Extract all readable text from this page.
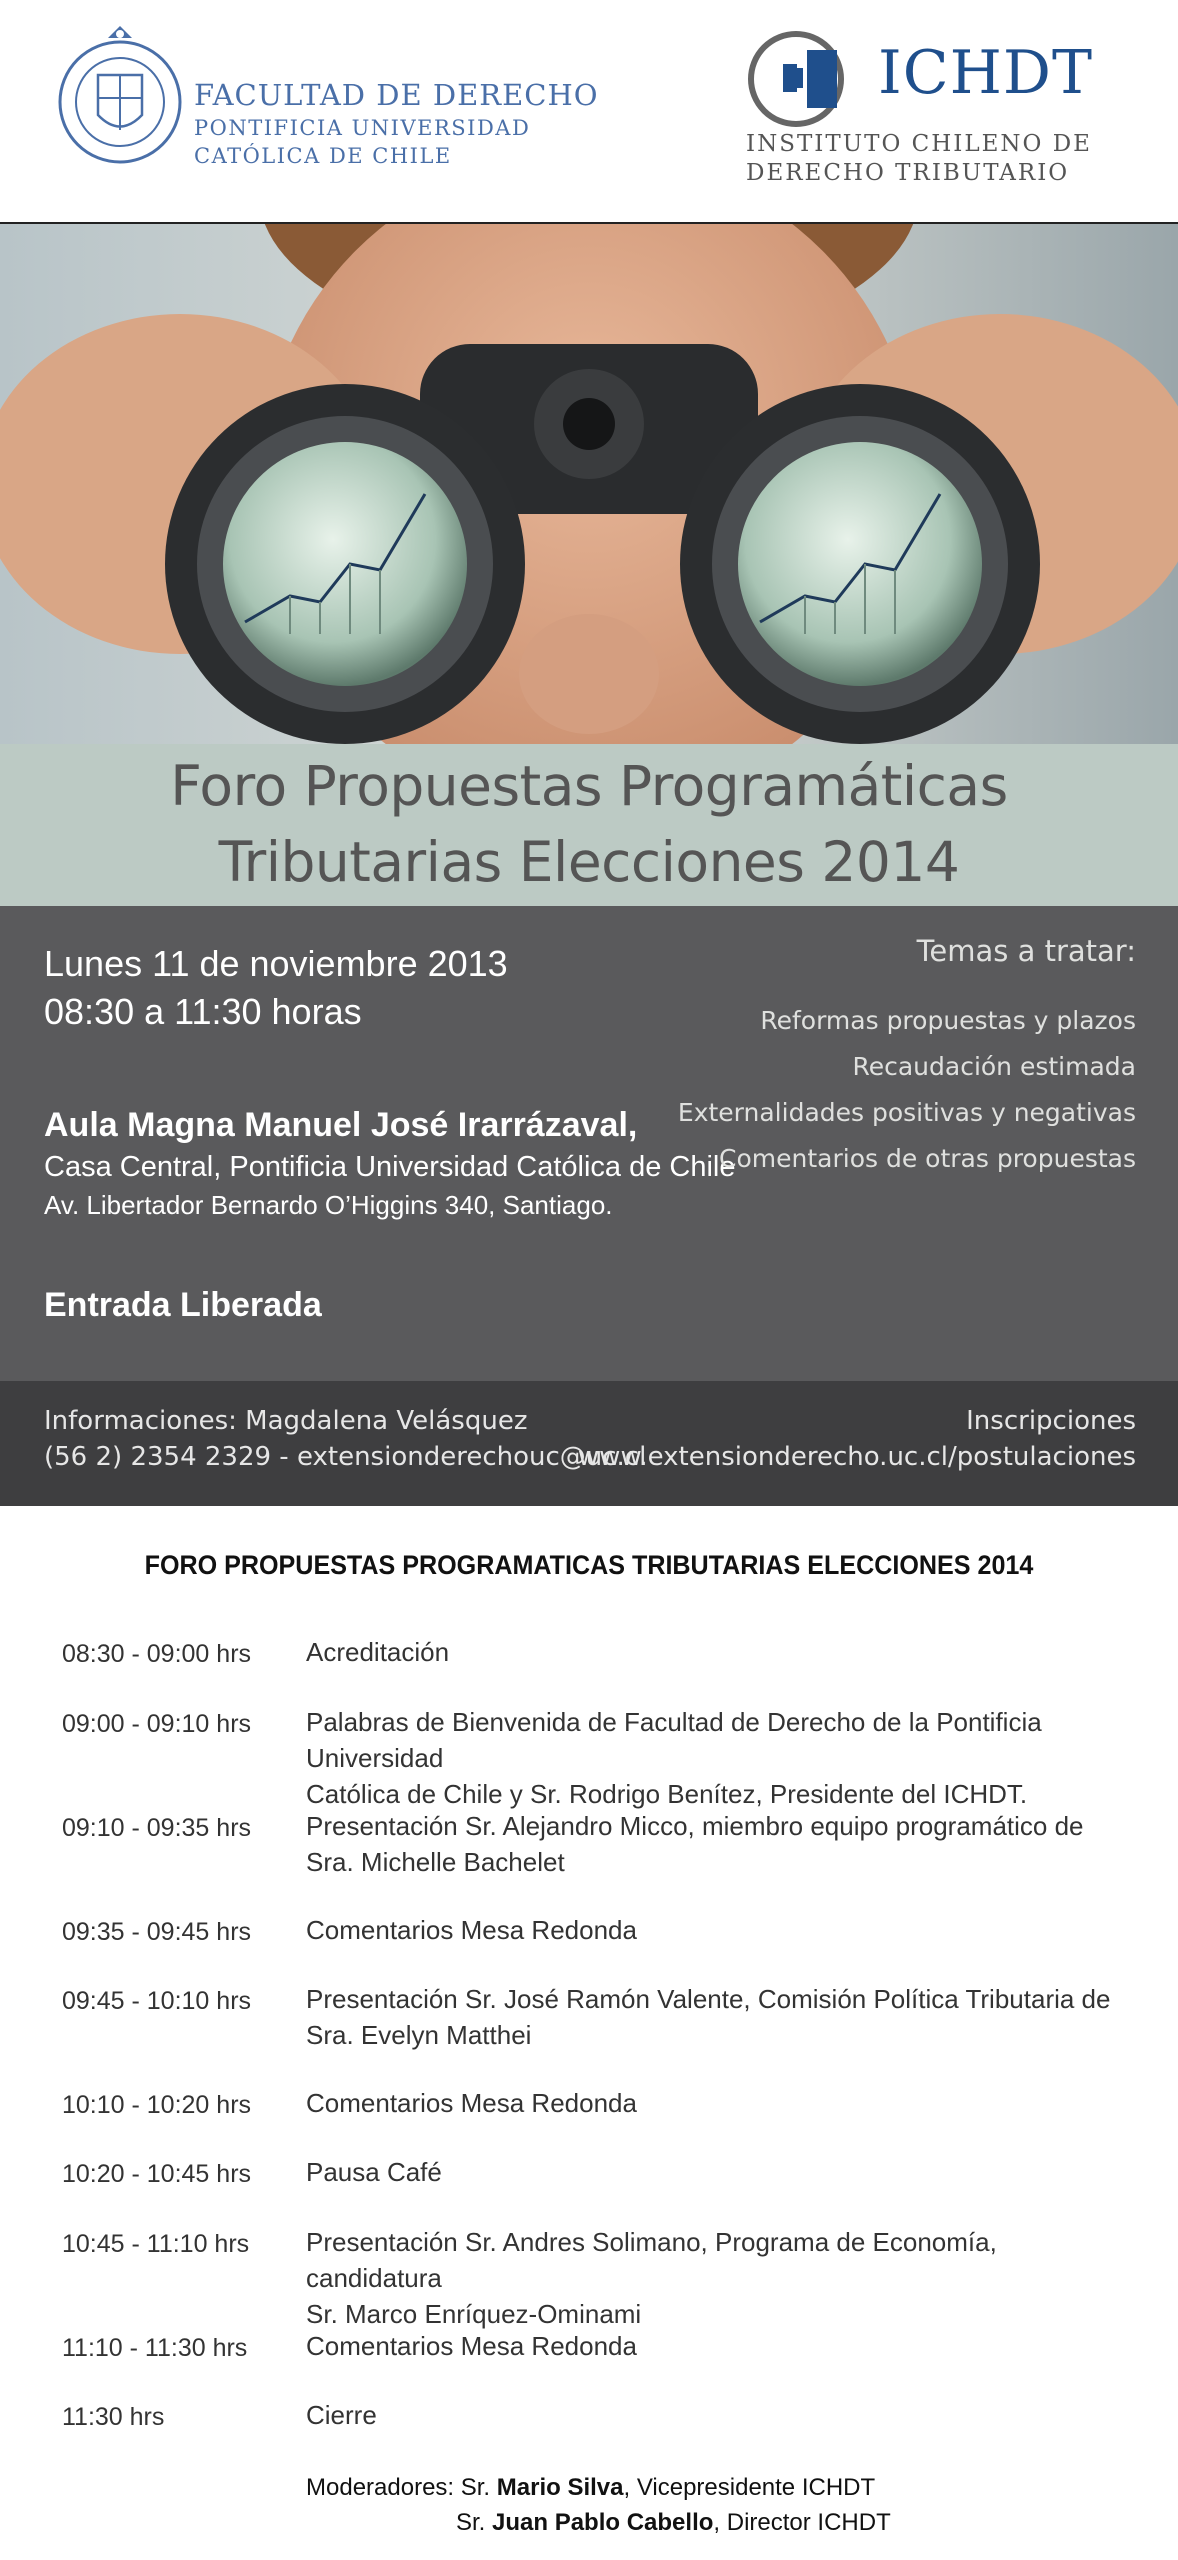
FACULTAD DE DERECHO
PONTIFICIA UNIVERSIDAD
CATÓLICA DE CHILE
ICHDT
INSTITUTO CHILENO DE
DERECHO TRIBUTARIO
Foro Propuestas Programáticas
Tributarias Elecciones 2014
Lunes 11 de noviembre 2013
08:30 a 11:30 horas
Aula Magna Manuel José Irarrázaval,
Casa Central, Pontificia Universidad Católica de Chile
Av. Libertador Bernardo O’Higgins 340, Santiago.
Entrada Liberada
Temas a tratar:
Reformas propuestas y plazos
Recaudación estimada
Externalidades positivas y negativas
Comentarios de otras propuestas
Informaciones: Magdalena Velásquez
(56 2) 2354 2329 - extensionderechouc@uc.cl
Inscripciones
www.extensionderecho.uc.cl/postulaciones
FORO PROPUESTAS PROGRAMATICAS TRIBUTARIAS ELECCIONES 2014
08:30 - 09:00 hrs Acreditación
09:00 - 09:10 hrs Palabras de Bienvenida de Facultad de Derecho de la Pontificia Universidad
Católica de Chile y Sr. Rodrigo Benítez, Presidente del ICHDT.
09:10 - 09:35 hrs Presentación Sr. Alejandro Micco, miembro equipo programático de
Sra. Michelle Bachelet
09:35 - 09:45 hrs Comentarios Mesa Redonda
09:45 - 10:10 hrs Presentación Sr. José Ramón Valente, Comisión Política Tributaria de
Sra. Evelyn Matthei
10:10 - 10:20 hrs Comentarios Mesa Redonda
10:20 - 10:45 hrs Pausa Café
10:45 - 11:10 hrs Presentación Sr. Andres Solimano, Programa de Economía, candidatura
Sr. Marco Enríquez-Ominami
11:10 - 11:30 hrs Comentarios Mesa Redonda
11:30 hrs	Cierre
Moderadores: Sr. Mario Silva, Vicepresidente ICHDT
Sr. Juan Pablo Cabello, Director ICHDT
